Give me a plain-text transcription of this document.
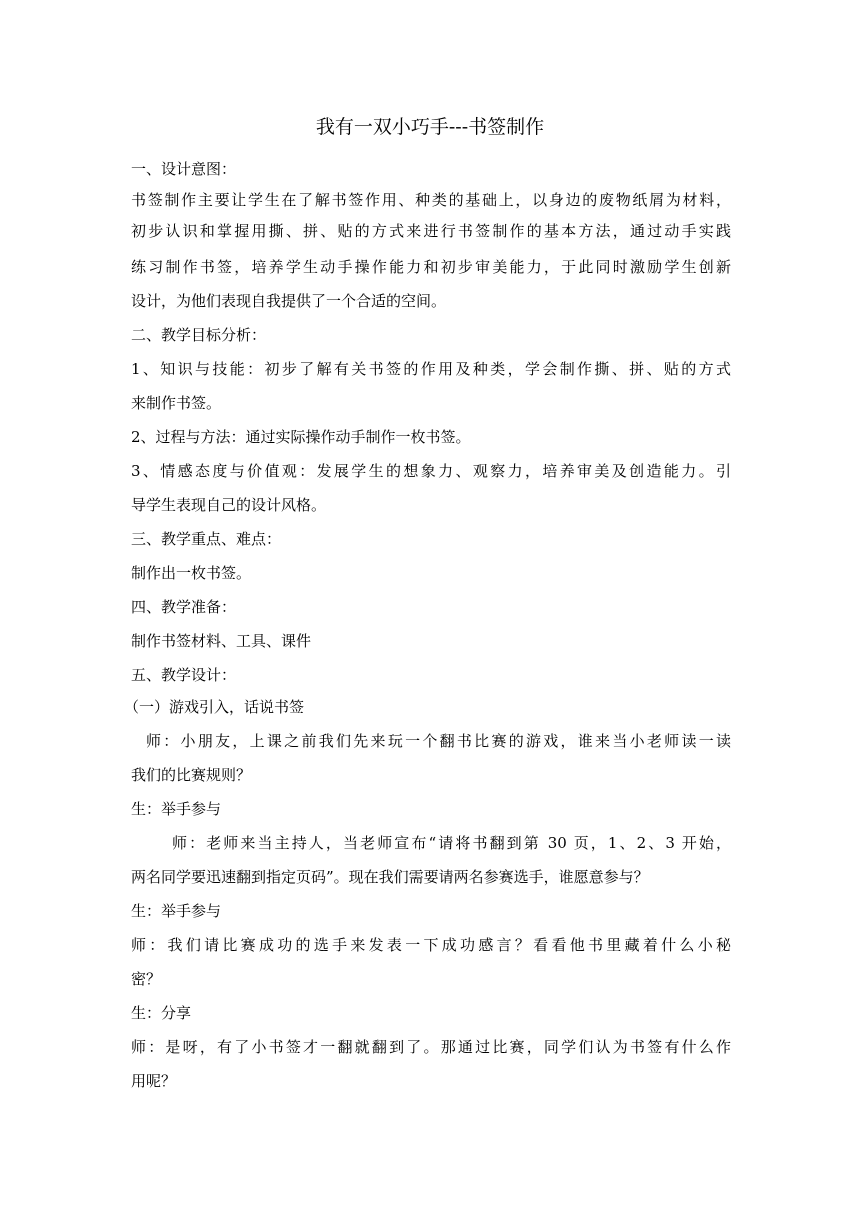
我有一双小巧手---书签制作
一、设计意图：
书签制作主要让学生在了解书签作用、种类的基础上，以身边的废物纸屑为材料，
初步认识和掌握用撕、拼、贴的方式来进行书签制作的基本方法，通过动手实践
练习制作书签，培养学生动手操作能力和初步审美能力，于此同时激励学生创新
设计，为他们表现自我提供了一个合适的空间。
二、教学目标分析：
1、知识与技能：初步了解有关书签的作用及种类，学会制作撕、拼、贴的方式
来制作书签。
2、过程与方法：通过实际操作动手制作一枚书签。
3、情感态度与价值观：发展学生的想象力、观察力，培养审美及创造能力。引
导学生表现自己的设计风格。
三、教学重点、难点：
制作出一枚书签。
四、教学准备：
制作书签材料、工具、课件
五、教学设计：
（一）游戏引入，话说书签
师：小朋友，上课之前我们先来玩一个翻书比赛的游戏，谁来当小老师读一读
我们的比赛规则？
生：举手参与
师：老师来当主持人，当老师宣布“请将书翻到第 30 页，1、2、3 开始，
两名同学要迅速翻到指定页码”。现在我们需要请两名参赛选手，谁愿意参与？
生：举手参与
师：我们请比赛成功的选手来发表一下成功感言？看看他书里藏着什么小秘
密？
生：分享
师：是呀，有了小书签才一翻就翻到了。那通过比赛，同学们认为书签有什么作
用呢？
